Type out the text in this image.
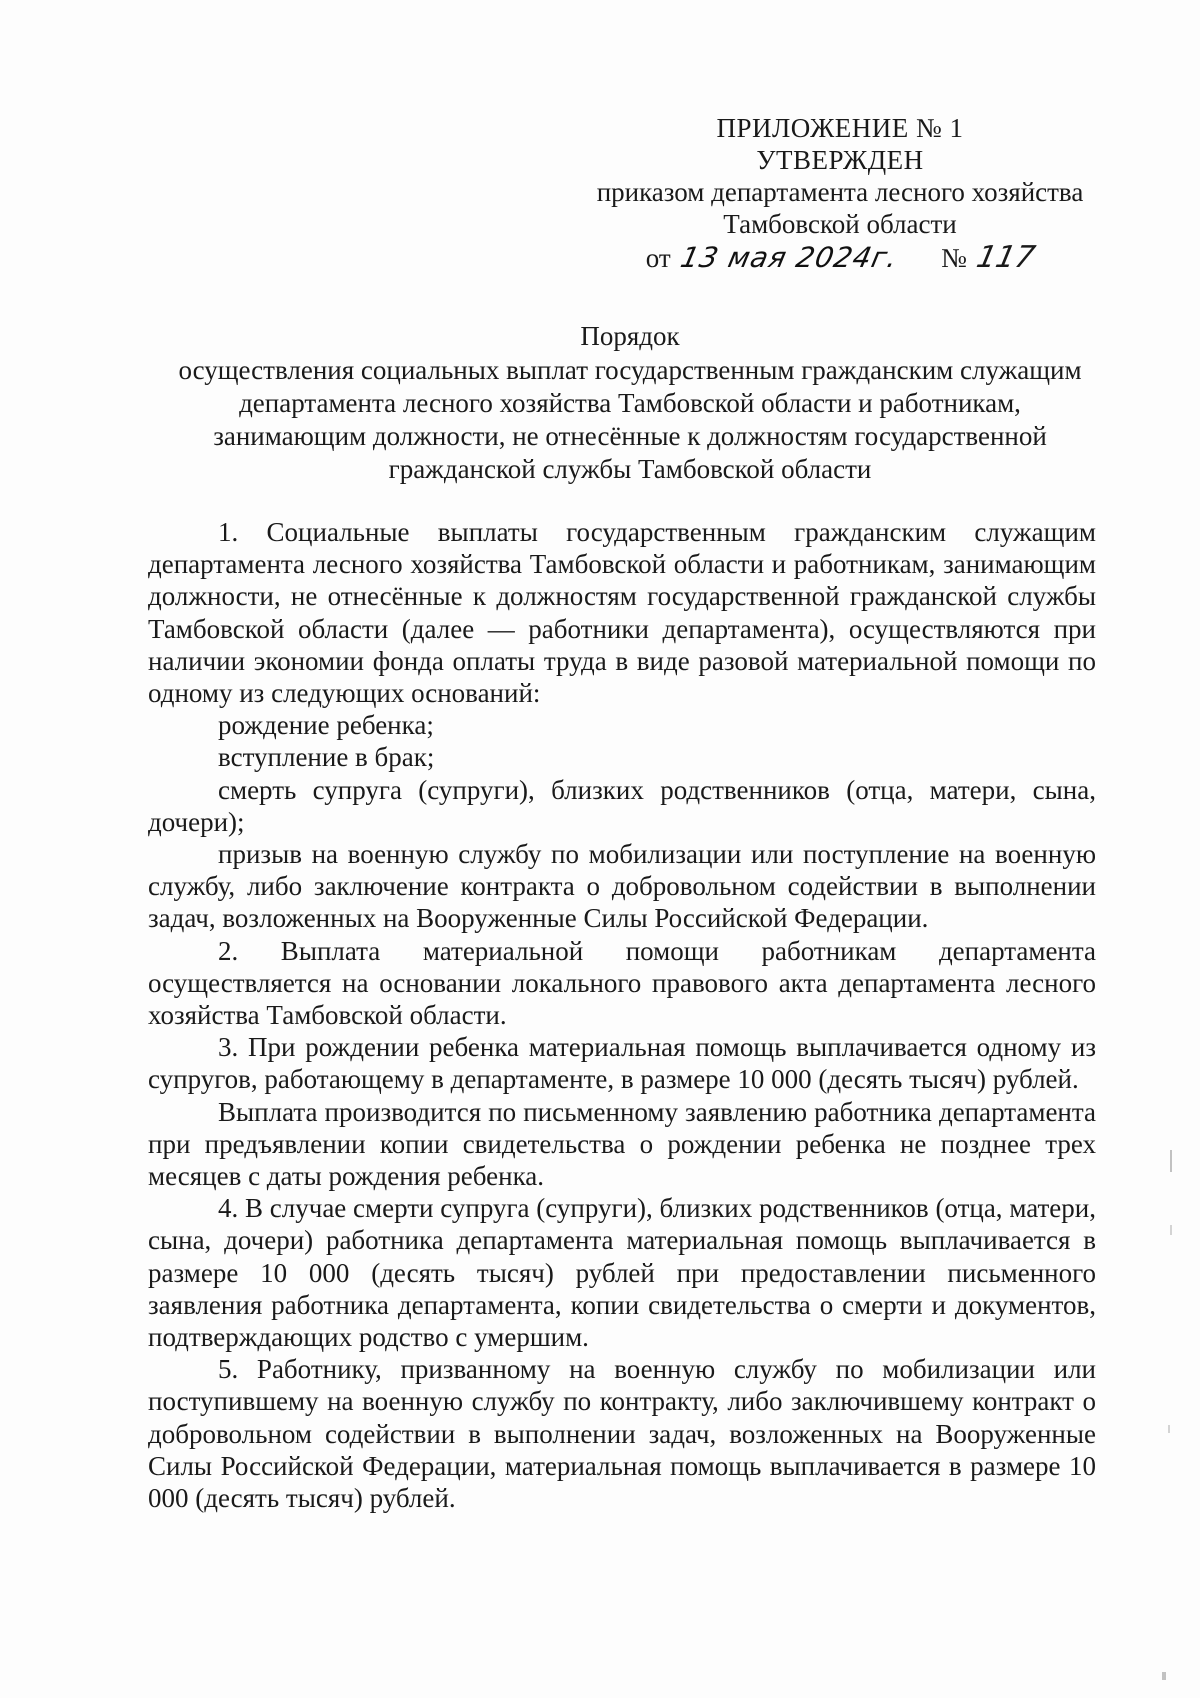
ПРИЛОЖЕНИЕ № 1
УТВЕРЖДЕН
приказом департамента лесного хозяйства
Тамбовской области
от 13 мая 2024г. № 117
Порядок
осуществления социальных выплат государственным гражданским служащим
департамента лесного хозяйства Тамбовской области и работникам,
занимающим должности, не отнесённые к должностям государственной
гражданской службы Тамбовской области

1. Социальные выплаты государственным гражданским служащим департамента лесного хозяйства Тамбовской области и работникам, занимающим должности, не отнесённые к должностям государственной гражданской службы Тамбовской области (далее — работники департамента), осуществляются при наличии экономии фонда оплаты труда в виде разовой материальной помощи по одному из следующих оснований:

рождение ребенка;

вступление в брак;

смерть супруга (супруги), близких родственников (отца, матери, сына, дочери);

призыв на военную службу по мобилизации или поступление на военную службу, либо заключение контракта о добровольном содействии в выполнении задач, возложенных на Вооруженные Силы Российской Федерации.

2. Выплата материальной помощи работникам департамента осуществляется на основании локального правового акта департамента лесного хозяйства Тамбовской области.

3. При рождении ребенка материальная помощь выплачивается одному из супругов, работающему в департаменте, в размере 10 000 (десять тысяч) рублей.

Выплата производится по письменному заявлению работника департамента при предъявлении копии свидетельства о рождении ребенка не позднее трех месяцев с даты рождения ребенка.

4. В случае смерти супруга (супруги), близких родственников (отца, матери, сына, дочери) работника департамента материальная помощь выплачивается в размере 10 000 (десять тысяч) рублей при предоставлении письменного заявления работника департамента, копии свидетельства о смерти и документов, подтверждающих родство с умершим.

5. Работнику, призванному на военную службу по мобилизации или поступившему на военную службу по контракту, либо заключившему контракт о добровольном содействии в выполнении задач, возложенных на Вооруженные Силы Российской Федерации, материальная помощь выплачивается в размере 10 000 (десять тысяч) рублей.
